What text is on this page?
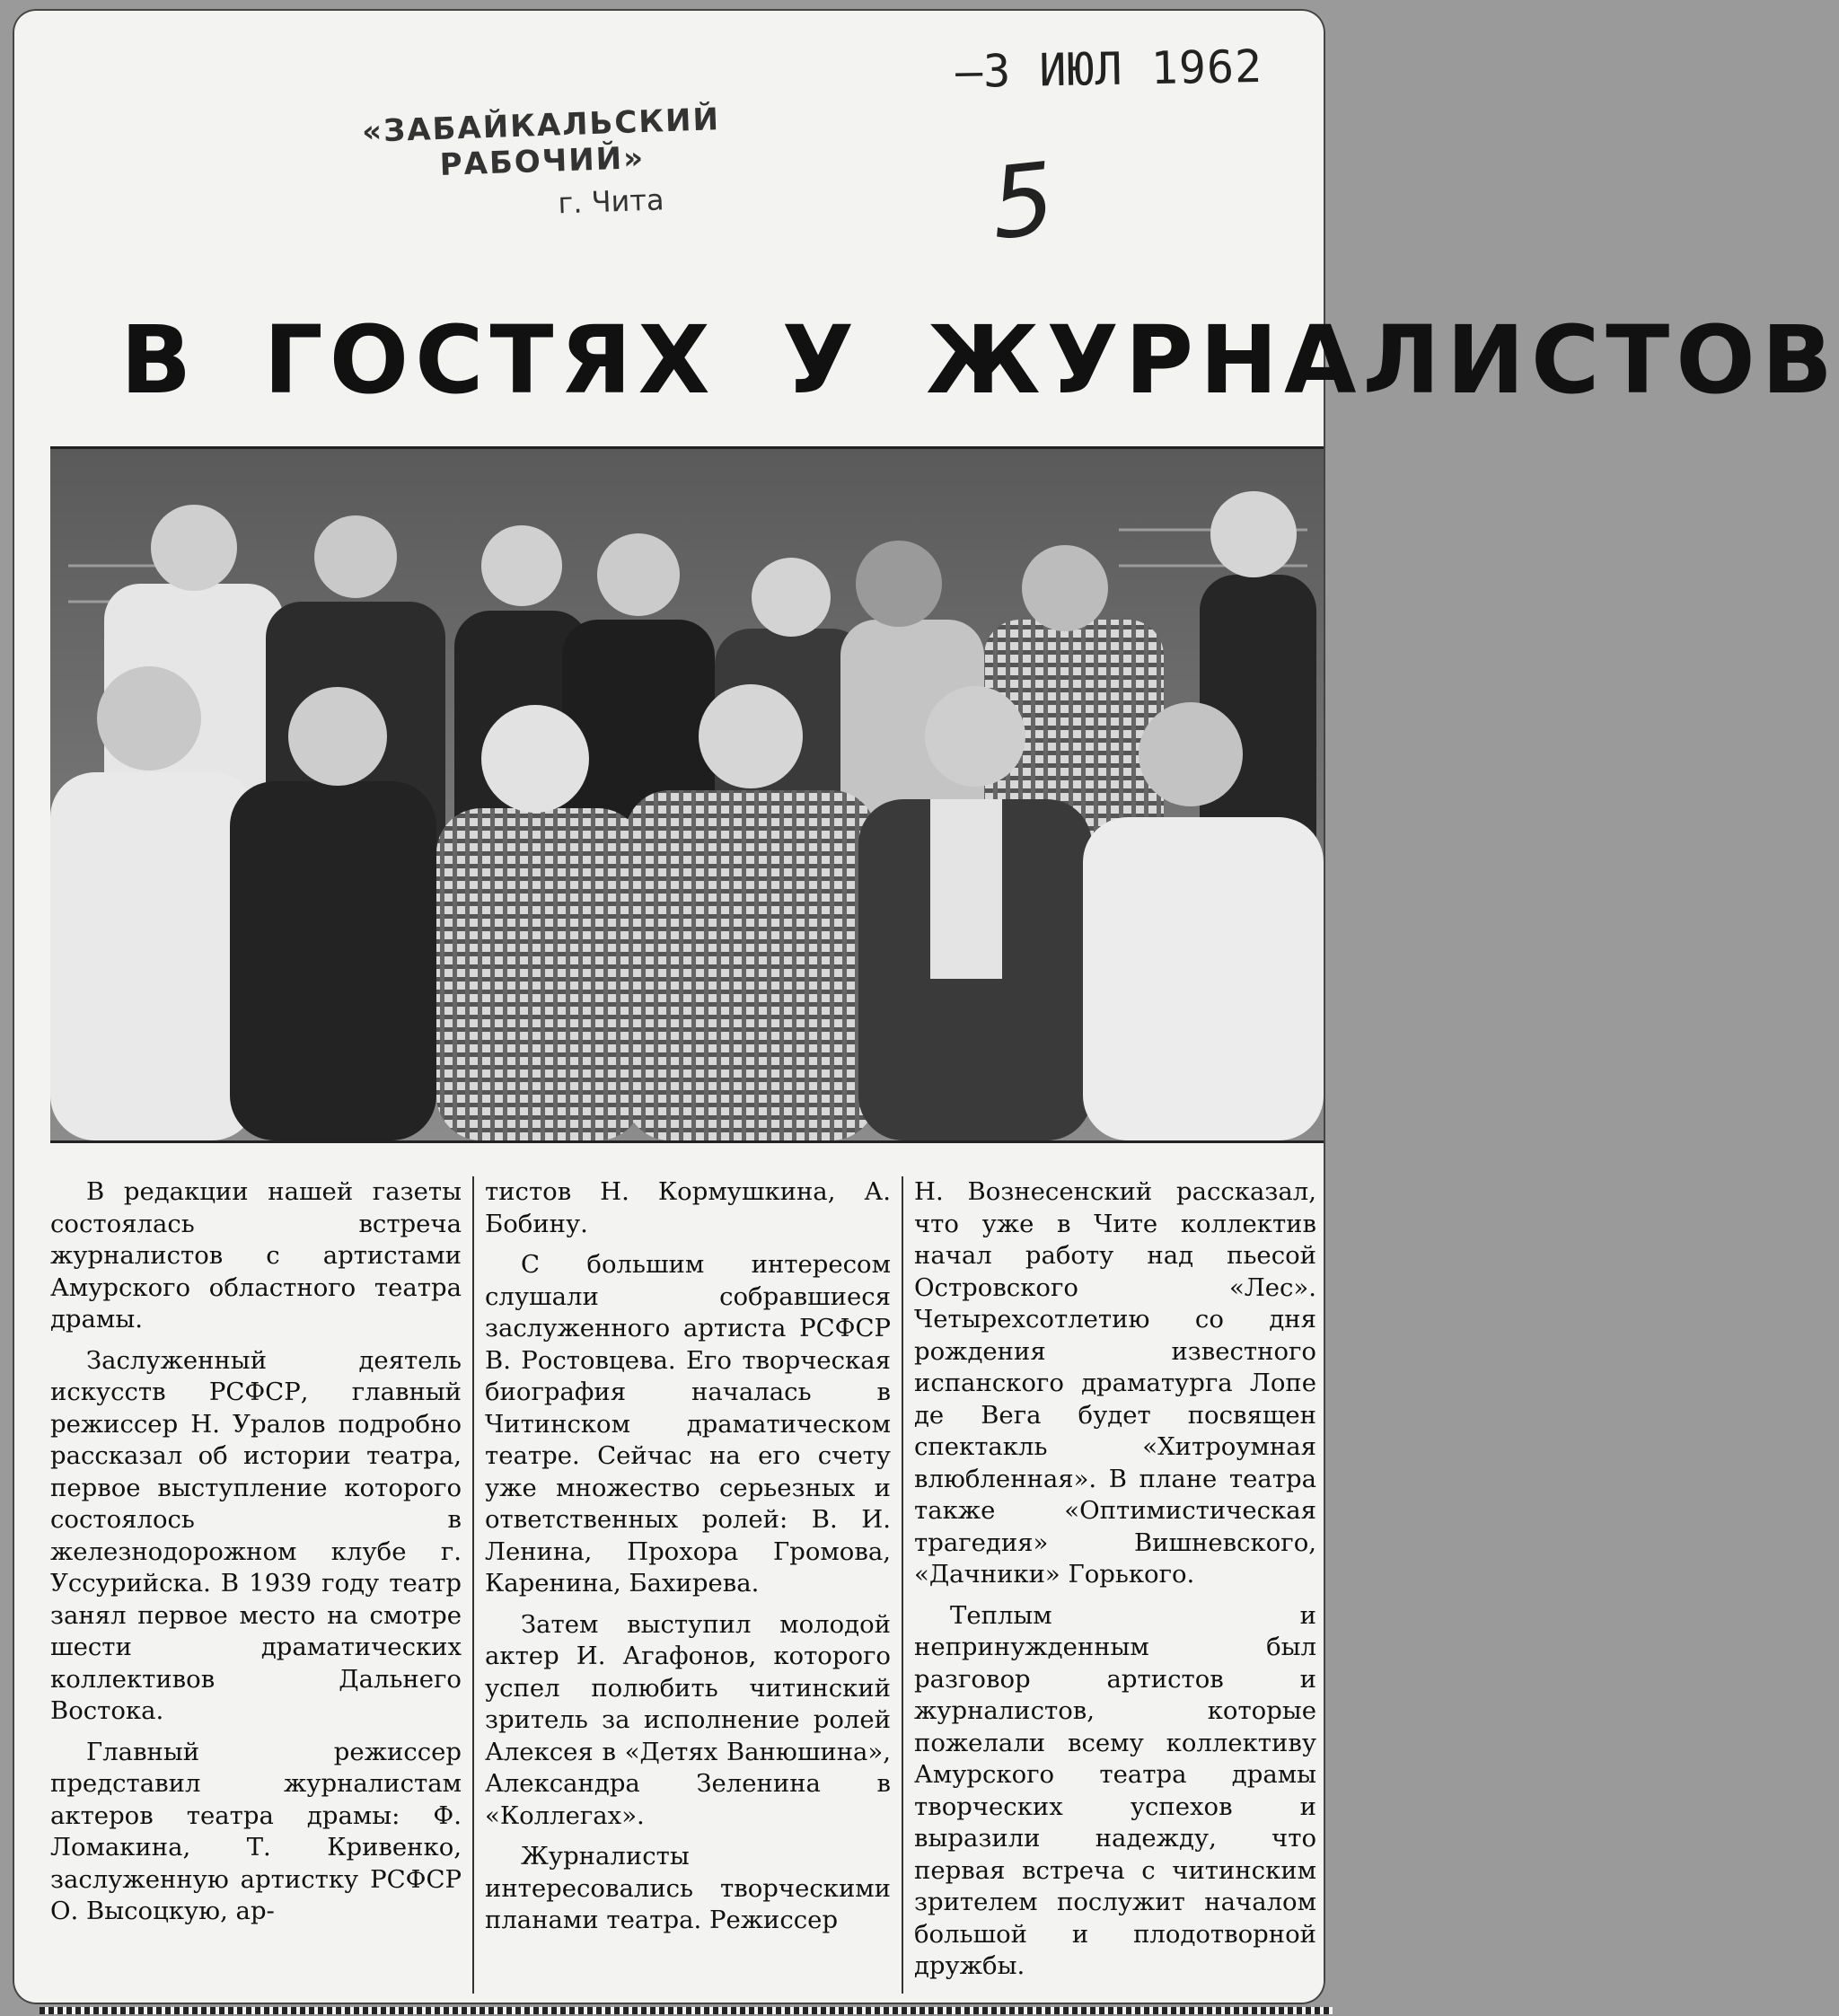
«ЗАБАЙКАЛЬСКИЙ РАБОЧИЙ»
г. Чита
–3 ИЮЛ 1962
5
В ГОСТЯХ У ЖУРНАЛИСТОВ

В редакции нашей газеты состоялась встреча журналистов с артистами Амурского областного театра драмы.

Заслуженный деятель искусств РСФСР, главный режиссер Н. Уралов подробно рассказал об истории театра, первое выступление которого состоялось в железнодорожном клубе г. Уссурийска. В 1939 году театр занял первое место на смотре шести драматических коллективов Дальнего Востока.

Главный режиссер представил журналистам актеров театра драмы: Ф. Ломакина, Т. Кривенко, заслуженную артистку РСФСР О. Высоцкую, ар-

тистов Н. Кормушкина, А. Бобину.

С большим интересом слушали собравшиеся заслуженного артиста РСФСР В. Ростовцева. Его творческая биография началась в Читинском драматическом театре. Сейчас на его счету уже множество серьезных и ответственных ролей: В. И. Ленина, Прохора Громова, Каренина, Бахирева.

Затем выступил молодой актер И. Агафонов, которого успел полюбить читинский зритель за исполнение ролей Алексея в «Детях Ванюшина», Александра Зеленина в «Коллегах».

Журналисты интересовались творческими планами театра. Режиссер

Н. Вознесенский рассказал, что уже в Чите коллектив начал работу над пьесой Островского «Лес». Четырехсотлетию со дня рождения известного испанского драматурга Лопе де Вега будет посвящен спектакль «Хитроумная влюбленная». В плане театра также «Оптимистическая трагедия» Вишневского, «Дачники» Горького.

Теплым и непринужденным был разговор артистов и журналистов, которые пожелали всему коллективу Амурского театра драмы творческих успехов и выразили надежду, что первая встреча с читинским зрителем послужит началом большой и плодотворной дружбы.
